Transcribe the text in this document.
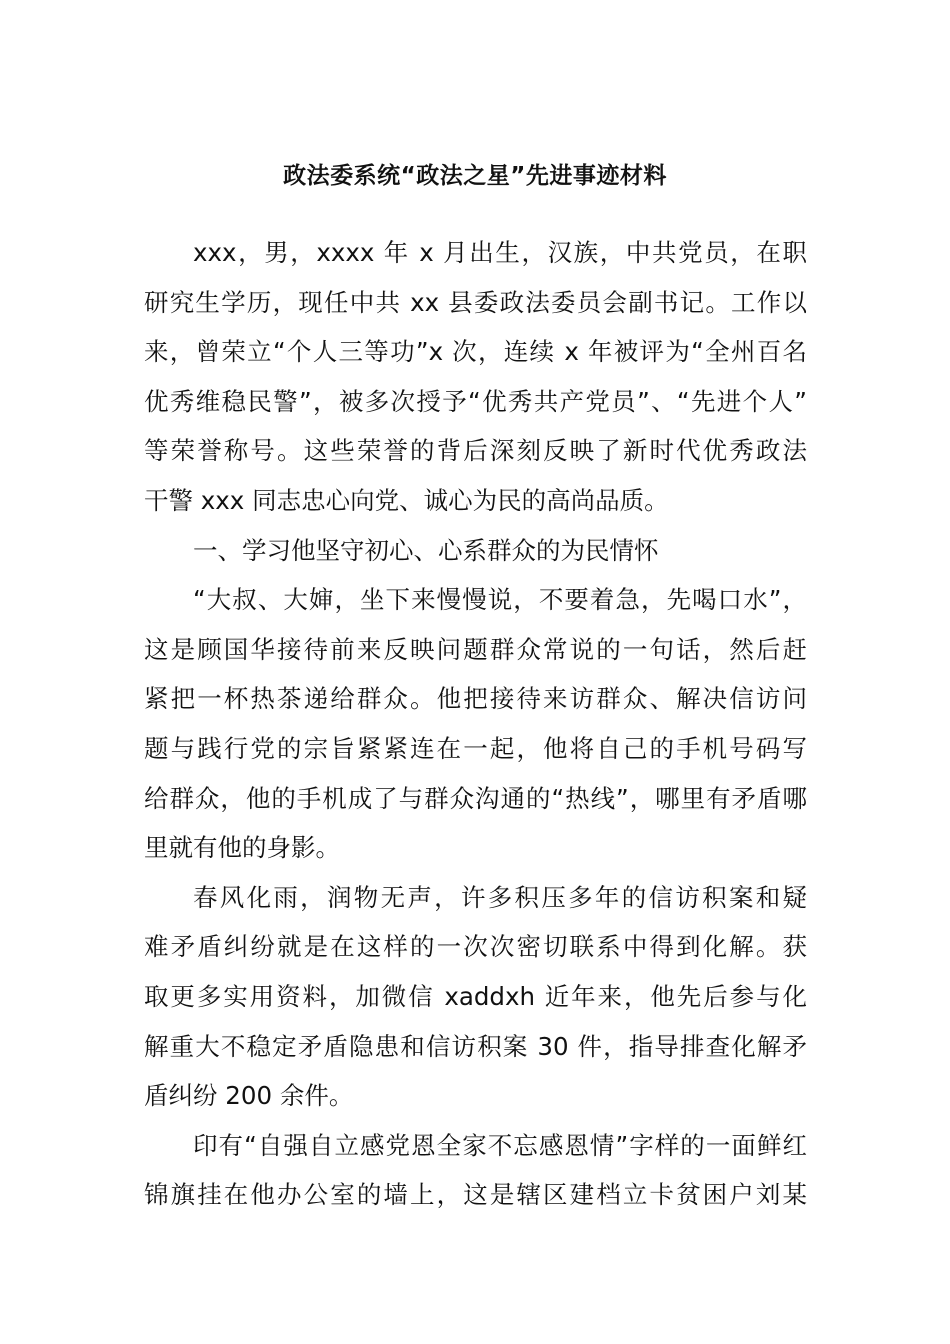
政法委系统“政法之星”先进事迹材料
xxx，男，xxxx 年 x 月出生，汉族，中共党员，在职
研究生学历，现任中共 xx 县委政法委员会副书记。工作以
来，曾荣立“个人三等功”x 次，连续 x 年被评为“全州百名
优秀维稳民警”，被多次授予“优秀共产党员”、“先进个人”
等荣誉称号。这些荣誉的背后深刻反映了新时代优秀政法
干警 xxx 同志忠心向党、诚心为民的高尚品质。
一、学习他坚守初心、心系群众的为民情怀
“大叔、大婶，坐下来慢慢说，不要着急，先喝口水”，
这是顾国华接待前来反映问题群众常说的一句话，然后赶
紧把一杯热茶递给群众。他把接待来访群众、解决信访问
题与践行党的宗旨紧紧连在一起，他将自己的手机号码写
给群众，他的手机成了与群众沟通的“热线”，哪里有矛盾哪
里就有他的身影。
春风化雨，润物无声，许多积压多年的信访积案和疑
难矛盾纠纷就是在这样的一次次密切联系中得到化解。获
取更多实用资料，加微信 xaddxh 近年来，他先后参与化
解重大不稳定矛盾隐患和信访积案 30 件，指导排查化解矛
盾纠纷 200 余件。
印有“自强自立感党恩全家不忘感恩情”字样的一面鲜红
锦旗挂在他办公室的墙上，这是辖区建档立卡贫困户刘某
